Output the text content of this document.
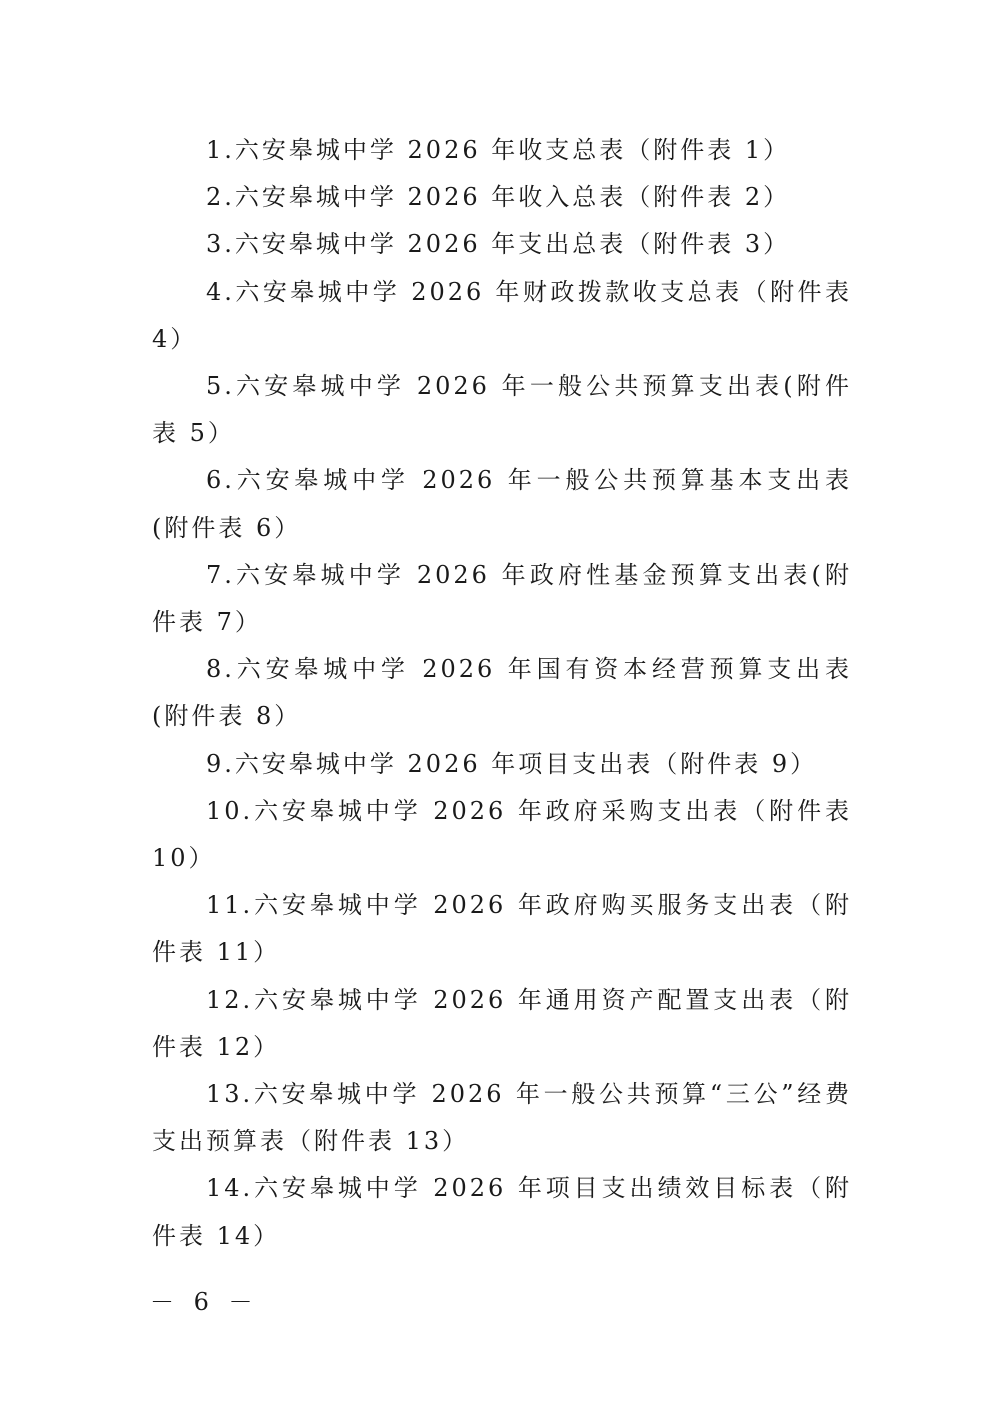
1.六安皋城中学 2026 年收支总表（附件表 1）

2.六安皋城中学 2026 年收入总表（附件表 2）

3.六安皋城中学 2026 年支出总表（附件表 3）

4.六安皋城中学 2026 年财政拨款收支总表（附件表 4）

5.六安皋城中学 2026 年一般公共预算支出表(附件表 5）

6.六安皋城中学 2026 年一般公共预算基本支出表(附件表 6）

7.六安皋城中学 2026 年政府性基金预算支出表(附件表 7）

8.六安皋城中学 2026 年国有资本经营预算支出表(附件表 8）

9.六安皋城中学 2026 年项目支出表（附件表 9）

10.六安皋城中学 2026 年政府采购支出表（附件表 10）

11.六安皋城中学 2026 年政府购买服务支出表（附件表 11）

12.六安皋城中学 2026 年通用资产配置支出表（附件表 12）

13.六安皋城中学 2026 年一般公共预算“三公”经费支出预算表（附件表 13）

14.六安皋城中学 2026 年项目支出绩效目标表（附件表 14）

－ 6 －
